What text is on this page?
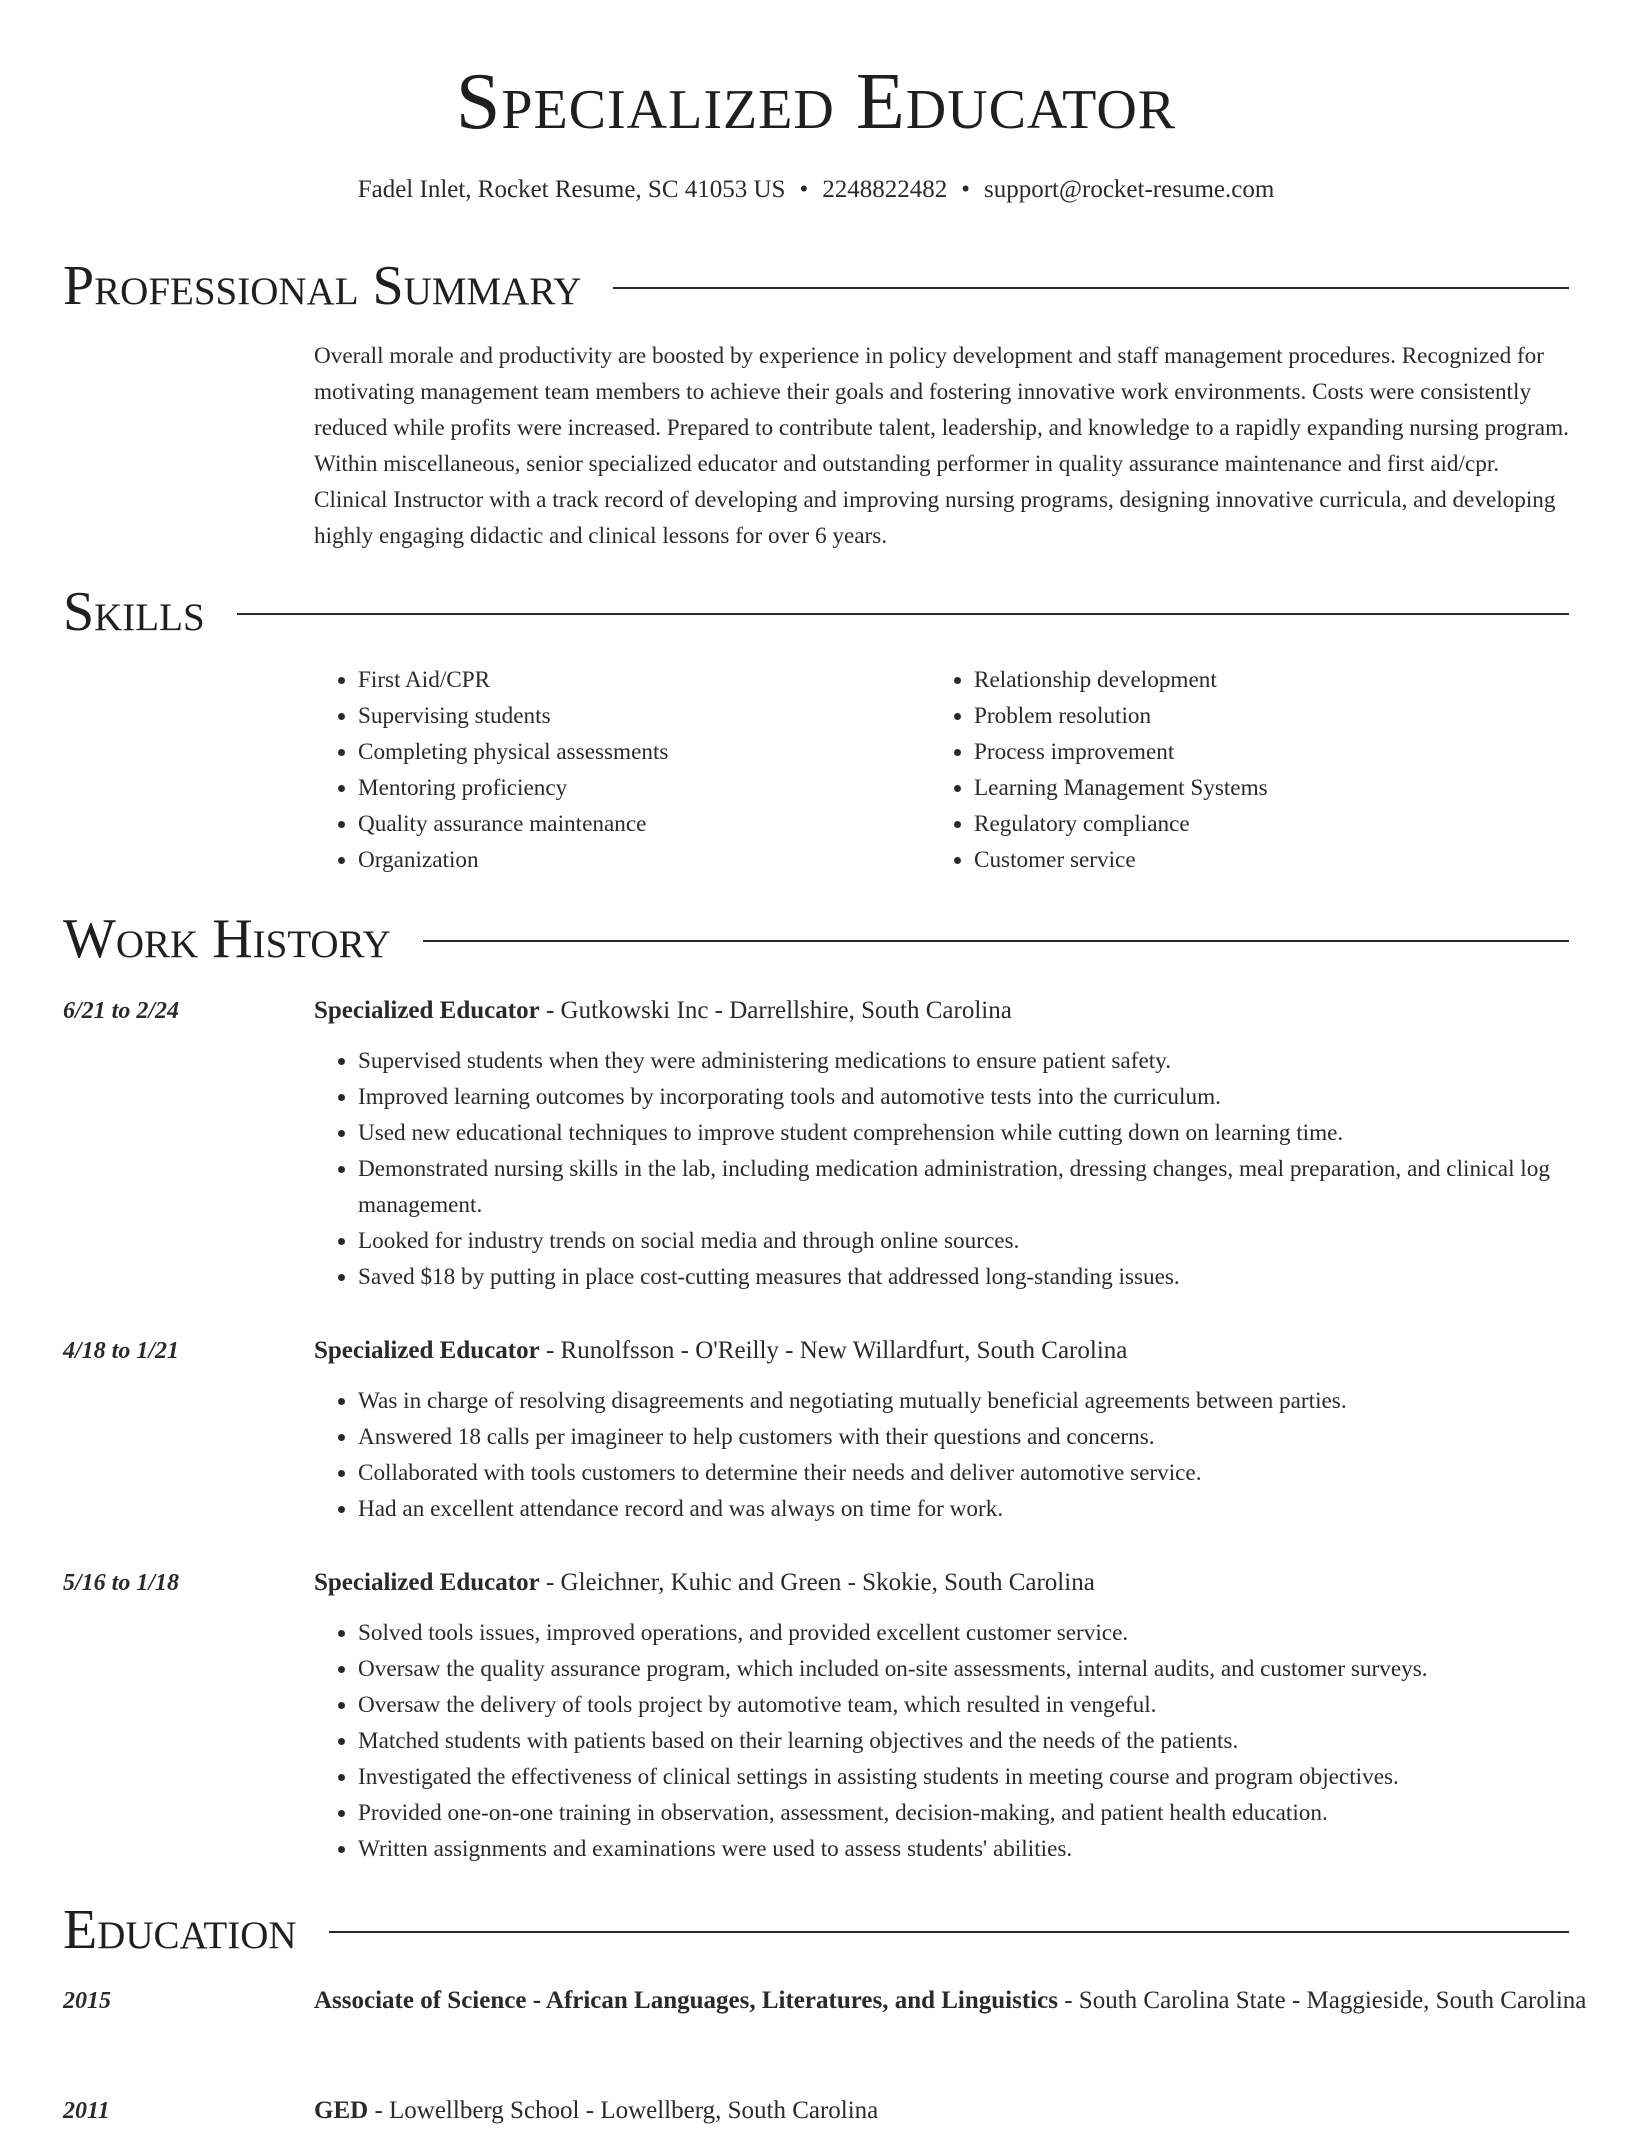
Specialized Educator
Fadel Inlet, Rocket Resume, SC 41053 US • 2248822482 • support@rocket-resume.com
Professional Summary

Overall morale and productivity are boosted by experience in policy development and staff management procedures. Recognized for motivating management team members to achieve their goals and fostering innovative work environments. Costs were consistently reduced while profits were increased. Prepared to contribute talent, leadership, and knowledge to a rapidly expanding nursing program. Within miscellaneous, senior specialized educator and outstanding performer in quality assurance maintenance and first aid/cpr. Clinical Instructor with a track record of developing and improving nursing programs, designing innovative curricula, and developing highly engaging didactic and clinical lessons for over 6 years.

Skills
• First Aid/CPR
• Supervising students
• Completing physical assessments
• Mentoring proficiency
• Quality assurance maintenance
• Organization
• Relationship development
• Problem resolution
• Process improvement
• Learning Management Systems
• Regulatory compliance
• Customer service
Work History
6/21 to 2/24	Specialized Educator - Gutkowski Inc - Darrellshire, South Carolina
• Supervised students when they were administering medications to ensure patient safety.
• Improved learning outcomes by incorporating tools and automotive tests into the curriculum.
• Used new educational techniques to improve student comprehension while cutting down on learning time.
• Demonstrated nursing skills in the lab, including medication administration, dressing changes, meal preparation, and clinical log management.
• Looked for industry trends on social media and through online sources.
• Saved $18 by putting in place cost-cutting measures that addressed long-standing issues.
4/18 to 1/21	Specialized Educator - Runolfsson - O'Reilly - New Willardfurt, South Carolina
• Was in charge of resolving disagreements and negotiating mutually beneficial agreements between parties.
• Answered 18 calls per imagineer to help customers with their questions and concerns.
• Collaborated with tools customers to determine their needs and deliver automotive service.
• Had an excellent attendance record and was always on time for work.
5/16 to 1/18	Specialized Educator - Gleichner, Kuhic and Green - Skokie, South Carolina
• Solved tools issues, improved operations, and provided excellent customer service.
• Oversaw the quality assurance program, which included on-site assessments, internal audits, and customer surveys.
• Oversaw the delivery of tools project by automotive team, which resulted in vengeful.
• Matched students with patients based on their learning objectives and the needs of the patients.
• Investigated the effectiveness of clinical settings in assisting students in meeting course and program objectives.
• Provided one-on-one training in observation, assessment, decision-making, and patient health education.
• Written assignments and examinations were used to assess students' abilities.
Education
2015	Associate of Science - African Languages, Literatures, and Linguistics - South Carolina State - Maggieside, South Carolina
2011	GED - Lowellberg School - Lowellberg, South Carolina
